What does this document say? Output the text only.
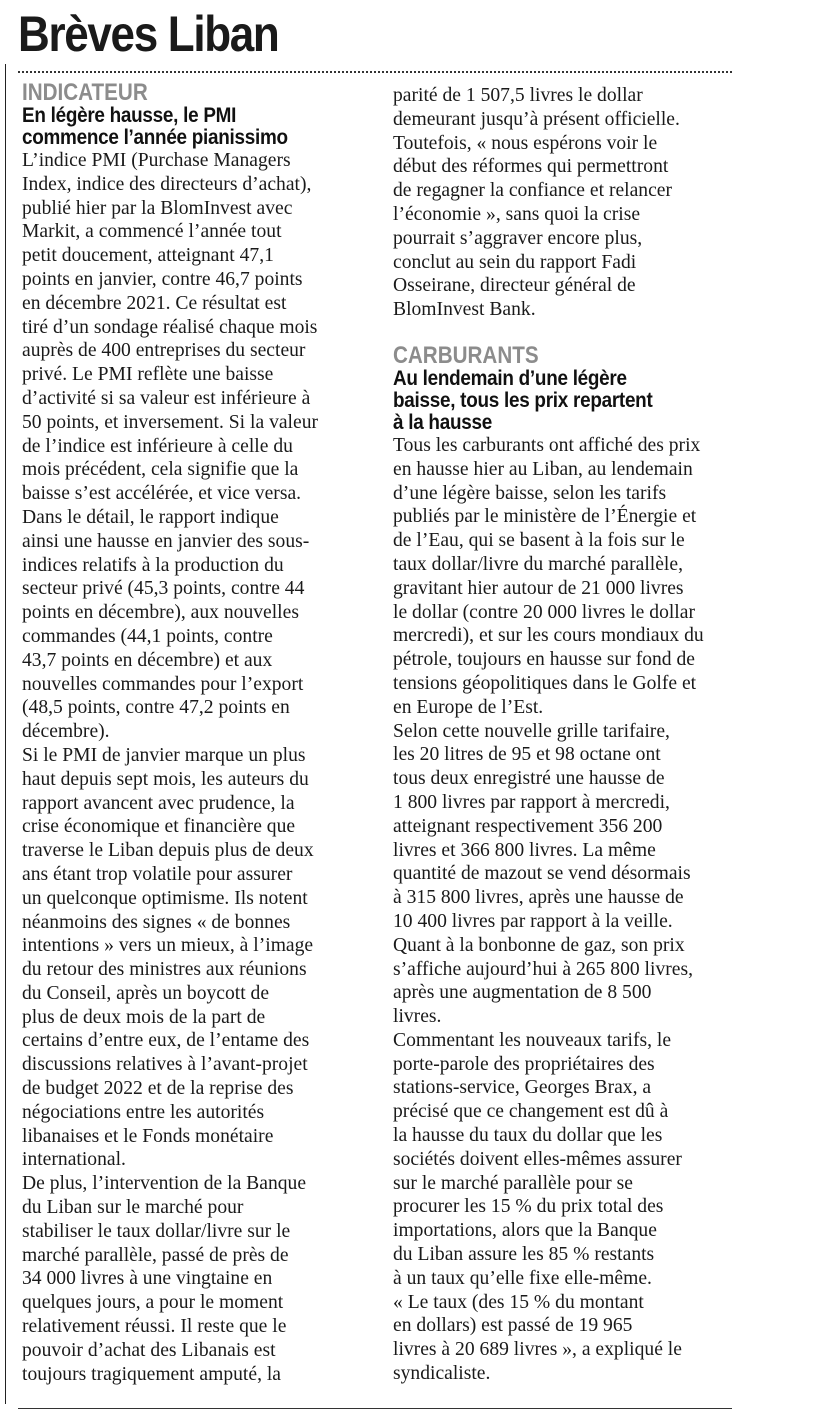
Brèves Liban
INDICATEUR
En légère hausse, le PMI
commence l’année pianissimo

L’indice PMI (Purchase Managers
Index, indice des directeurs d’achat),
publié hier par la BlomInvest avec
Markit, a commencé l’année tout
petit doucement, atteignant 47,1
points en janvier, contre 46,7 points
en décembre 2021. Ce résultat est
tiré d’un sondage réalisé chaque mois
auprès de 400 entreprises du secteur
privé. Le PMI reflète une baisse
d’activité si sa valeur est inférieure à
50 points, et inversement. Si la valeur
de l’indice est inférieure à celle du
mois précédent, cela signifie que la
baisse s’est accélérée, et vice versa.

Dans le détail, le rapport indique
ainsi une hausse en janvier des sous-
indices relatifs à la production du
secteur privé (45,3 points, contre 44
points en décembre), aux nouvelles
commandes (44,1 points, contre
43,7 points en décembre) et aux
nouvelles commandes pour l’export
(48,5 points, contre 47,2 points en
décembre).

Si le PMI de janvier marque un plus
haut depuis sept mois, les auteurs du
rapport avancent avec prudence, la
crise économique et financière que
traverse le Liban depuis plus de deux
ans étant trop volatile pour assurer
un quelconque optimisme. Ils notent
néanmoins des signes « de bonnes
intentions » vers un mieux, à l’image
du retour des ministres aux réunions
du Conseil, après un boycott de
plus de deux mois de la part de
certains d’entre eux, de l’entame des
discussions relatives à l’avant-projet
de budget 2022 et de la reprise des
négociations entre les autorités
libanaises et le Fonds monétaire
international.

De plus, l’intervention de la Banque
du Liban sur le marché pour
stabiliser le taux dollar/livre sur le
marché parallèle, passé de près de
34 000 livres à une vingtaine en
quelques jours, a pour le moment
relativement réussi. Il reste que le
pouvoir d’achat des Libanais est
toujours tragiquement amputé, la

parité de 1 507,5 livres le dollar
demeurant jusqu’à présent officielle.

Toutefois, « nous espérons voir le
début des réformes qui permettront
de regagner la confiance et relancer
l’économie », sans quoi la crise
pourrait s’aggraver encore plus,
conclut au sein du rapport Fadi
Osseirane, directeur général de
BlomInvest Bank.

CARBURANTS
Au lendemain d’une légère
baisse, tous les prix repartent
à la hausse

Tous les carburants ont affiché des prix
en hausse hier au Liban, au lendemain
d’une légère baisse, selon les tarifs
publiés par le ministère de l’Énergie et
de l’Eau, qui se basent à la fois sur le
taux dollar/livre du marché parallèle,
gravitant hier autour de 21 000 livres
le dollar (contre 20 000 livres le dollar
mercredi), et sur les cours mondiaux du
pétrole, toujours en hausse sur fond de
tensions géopolitiques dans le Golfe et
en Europe de l’Est.

Selon cette nouvelle grille tarifaire,
les 20 litres de 95 et 98 octane ont
tous deux enregistré une hausse de
1 800 livres par rapport à mercredi,
atteignant respectivement 356 200
livres et 366 800 livres. La même
quantité de mazout se vend désormais
à 315 800 livres, après une hausse de
10 400 livres par rapport à la veille.
Quant à la bonbonne de gaz, son prix
s’affiche aujourd’hui à 265 800 livres,
après une augmentation de 8 500
livres.

Commentant les nouveaux tarifs, le
porte-parole des propriétaires des
stations-service, Georges Brax, a
précisé que ce changement est dû à
la hausse du taux du dollar que les
sociétés doivent elles-mêmes assurer
sur le marché parallèle pour se
procurer les 15 % du prix total des
importations, alors que la Banque
du Liban assure les 85 % restants
à un taux qu’elle fixe elle-même.
« Le taux (des 15 % du montant
en dollars) est passé de 19 965
livres à 20 689 livres », a expliqué le
syndicaliste.
